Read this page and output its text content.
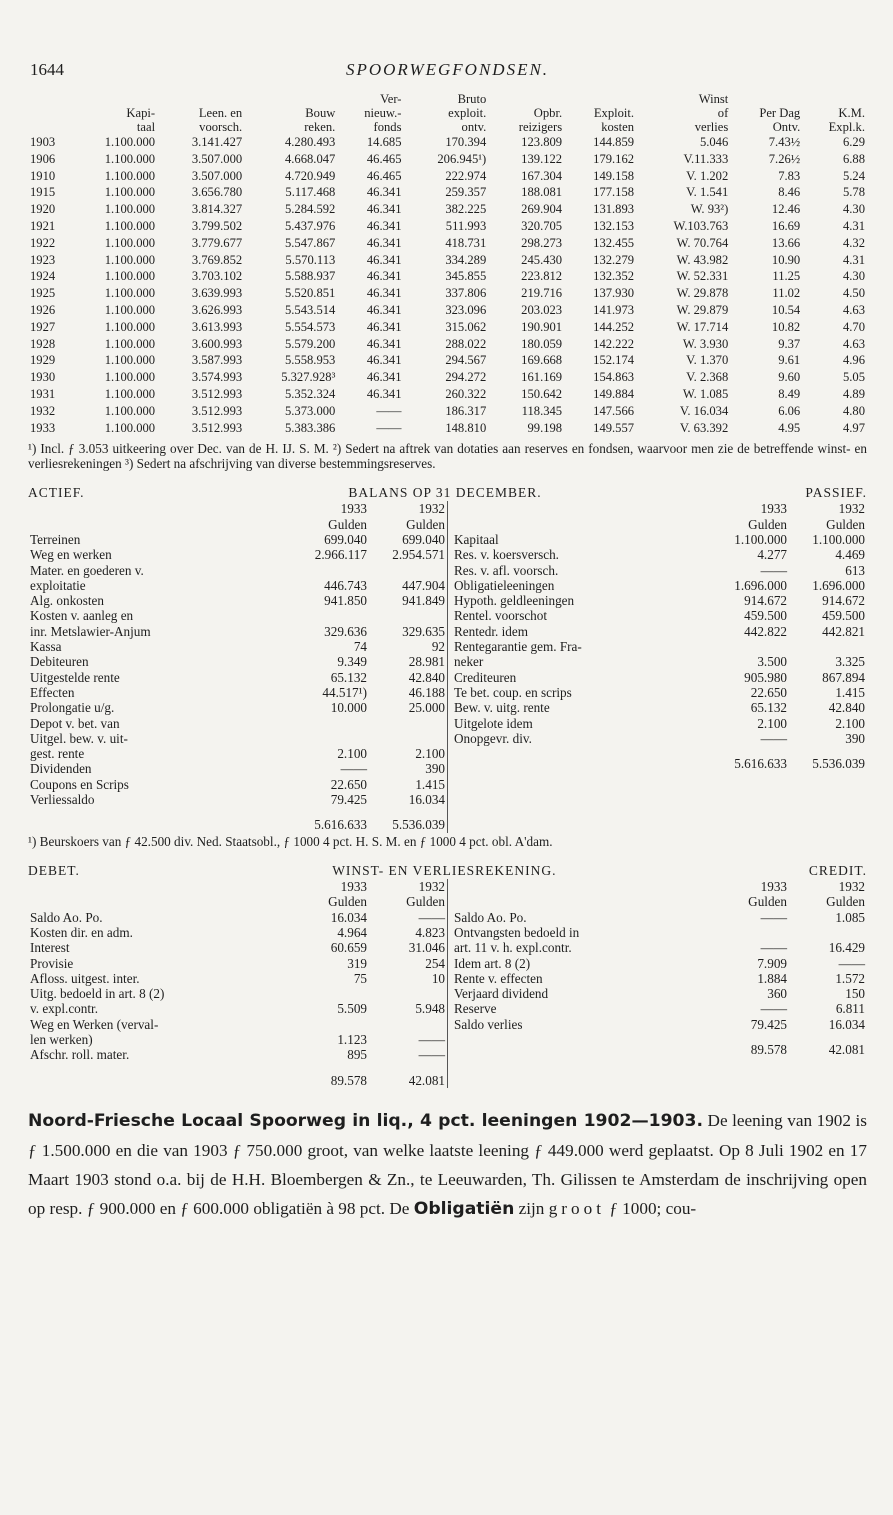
1644	SPOORWEGFONDSEN.
				Ver-	Bruto			Winst		
	Kapi-	Leen. en	Bouw	nieuw.-	exploit.	Opbr.	Exploit.	of	Per Dag	K.M.
	taal	voorsch.	reken.	fonds	ontv.	reizigers	kosten	verlies	Ontv.	Expl.k.
1903	1.100.000	3.141.427	4.280.493	14.685	170.394	123.809	144.859	5.046	7.43½	6.29
1906	1.100.000	3.507.000	4.668.047	46.465	206.945¹)	139.122	179.162	V.11.333	7.26½	6.88
1910	1.100.000	3.507.000	4.720.949	46.465	222.974	167.304	149.158	V. 1.202	7.83	5.24
1915	1.100.000	3.656.780	5.117.468	46.341	259.357	188.081	177.158	V. 1.541	8.46	5.78
1920	1.100.000	3.814.327	5.284.592	46.341	382.225	269.904	131.893	W. 93²)	12.46	4.30
1921	1.100.000	3.799.502	5.437.976	46.341	511.993	320.705	132.153	W.103.763	16.69	4.31
1922	1.100.000	3.779.677	5.547.867	46.341	418.731	298.273	132.455	W. 70.764	13.66	4.32
1923	1.100.000	3.769.852	5.570.113	46.341	334.289	245.430	132.279	W. 43.982	10.90	4.31
1924	1.100.000	3.703.102	5.588.937	46.341	345.855	223.812	132.352	W. 52.331	11.25	4.30
1925	1.100.000	3.639.993	5.520.851	46.341	337.806	219.716	137.930	W. 29.878	11.02	4.50
1926	1.100.000	3.626.993	5.543.514	46.341	323.096	203.023	141.973	W. 29.879	10.54	4.63
1927	1.100.000	3.613.993	5.554.573	46.341	315.062	190.901	144.252	W. 17.714	10.82	4.70
1928	1.100.000	3.600.993	5.579.200	46.341	288.022	180.059	142.222	W. 3.930	9.37	4.63
1929	1.100.000	3.587.993	5.558.953	46.341	294.567	169.668	152.174	V. 1.370	9.61	4.96
1930	1.100.000	3.574.993	5.327.928³	46.341	294.272	161.169	154.863	V. 2.368	9.60	5.05
1931	1.100.000	3.512.993	5.352.324	46.341	260.322	150.642	149.884	W. 1.085	8.49	4.89
1932	1.100.000	3.512.993	5.373.000	——	186.317	118.345	147.566	V. 16.034	6.06	4.80
1933	1.100.000	3.512.993	5.383.386	——	148.810	99.198	149.557	V. 63.392	4.95	4.97

¹) Incl. ƒ 3.053 uitkeering over Dec. van de H. IJ. S. M. ²) Sedert na aftrek van dotaties aan reserves en fondsen, waarvoor men zie de betreffende winst- en verliesrekeningen ³) Sedert na afschrijving van diverse bestemmingsreserves.

ACTIEF.	BALANS OP 31 DECEMBER.	PASSIEF.
	1933	1932
	Gulden	Gulden
Terreinen	699.040	699.040
Weg en werken	2.966.117	2.954.571
Mater. en goederen v.		
exploitatie	446.743	447.904
Alg. onkosten	941.850	941.849
Kosten v. aanleg en		
inr. Metslawier-Anjum	329.636	329.635
Kassa	74	92
Debiteuren	9.349	28.981
Uitgestelde rente	65.132	42.840
Effecten	44.517¹)	46.188
Prolongatie u/g.	10.000	25.000
Depot v. bet. van		
Uitgel. bew. v. uit-		
gest. rente	2.100	2.100
Dividenden	——	390
Coupons en Scrips	22.650	1.415
Verliessaldo	79.425	16.034
	5.616.633	5.536.039
	1933	1932
	Gulden	Gulden
Kapitaal	1.100.000	1.100.000
Res. v. koersversch.	4.277	4.469
Res. v. afl. voorsch.	——	613
Obligatieleeningen	1.696.000	1.696.000
Hypoth. geldleeningen	914.672	914.672
Rentel. voorschot	459.500	459.500
Rentedr. idem	442.822	442.821
Rentegarantie gem. Fra-		
neker	3.500	3.325
Crediteuren	905.980	867.894
Te bet. coup. en scrips	22.650	1.415
Bew. v. uitg. rente	65.132	42.840
Uitgelote idem	2.100	2.100
Onopgevr. div.	——	390
	5.616.633	5.536.039
¹) Beurskoers van ƒ 42.500 div. Ned. Staatsobl., ƒ 1000 4 pct. H. S. M. en ƒ 1000 4 pct. obl. A'dam.
DEBET.	WINST- EN VERLIESREKENING.	CREDIT.
	1933	1932
	Gulden	Gulden
Saldo Ao. Po.	16.034	——
Kosten dir. en adm.	4.964	4.823
Interest	60.659	31.046
Provisie	319	254
Afloss. uitgest. inter.	75	10
Uitg. bedoeld in art. 8 (2)		
v. expl.contr.	5.509	5.948
Weg en Werken (verval-		
len werken)	1.123	——
Afschr. roll. mater.	895	——
	89.578	42.081
	1933	1932
	Gulden	Gulden
Saldo Ao. Po.	——	1.085
Ontvangsten bedoeld in		
art. 11 v. h. expl.contr.	——	16.429
Idem art. 8 (2)	7.909	——
Rente v. effecten	1.884	1.572
Verjaard dividend	360	150
Reserve	——	6.811
Saldo verlies	79.425	16.034
	89.578	42.081
Noord-Friesche Locaal Spoorweg in liq., 4 pct. leeningen 1902—1903. De leening van 1902 is ƒ 1.500.000 en die van 1903 ƒ 750.000 groot, van welke laatste leening ƒ 449.000 werd geplaatst. Op 8 Juli 1902 en 17 Maart 1903 stond o.a. bij de H.H. Bloembergen & Zn., te Leeuwarden, Th. Gilissen te Amsterdam de inschrijving open op resp. ƒ 900.000 en ƒ 600.000 obligatiën à 98 pct. De Obligatiën zijn groot ƒ 1000; cou-
